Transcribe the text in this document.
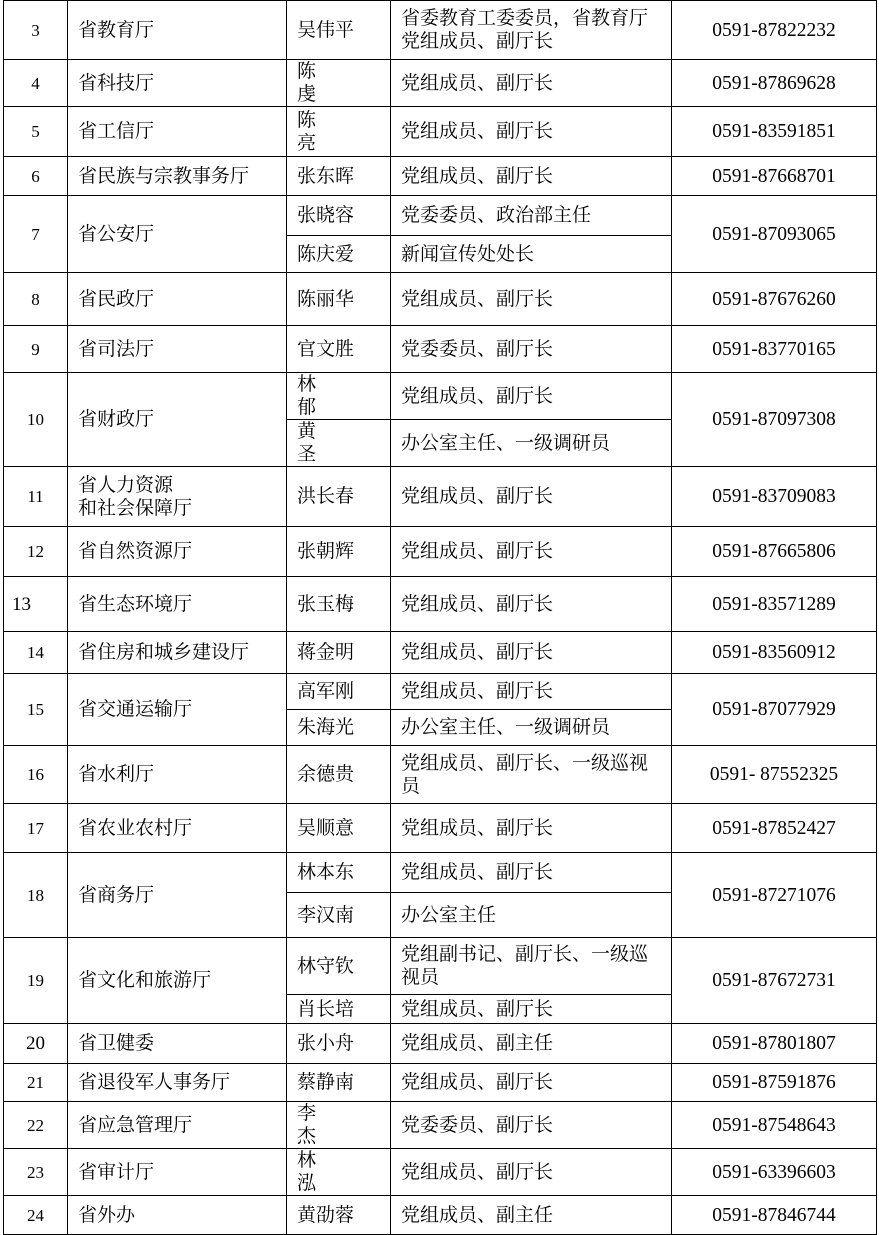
3	省教育厅	吴伟平	省委教育工委委员，省教育厅党组成员、副厅长	0591-87822232
4	省科技厅	陈 虔	党组成员、副厅长	0591-87869628
5	省工信厅	陈 亮	党组成员、副厅长	0591-83591851
6	省民族与宗教事务厅	张东晖	党组成员、副厅长	0591-87668701
7	省公安厅	张晓容	党委委员、政治部主任	0591-87093065
		陈庆爱	新闻宣传处处长	
8	省民政厅	陈丽华	党组成员、副厅长	0591-87676260
9	省司法厅	官文胜	党委委员、副厅长	0591-83770165
10	省财政厅	林 郁	党组成员、副厅长	0591-87097308
		黄 圣	办公室主任、一级调研员	
11	省人力资源
和社会保障厅	洪长春	党组成员、副厅长	0591-83709083
12	省自然资源厅	张朝辉	党组成员、副厅长	0591-87665806
13	省生态环境厅	张玉梅	党组成员、副厅长	0591-83571289
14	省住房和城乡建设厅	蒋金明	党组成员、副厅长	0591-83560912
15	省交通运输厅	高军刚	党组成员、副厅长	0591-87077929
		朱海光	办公室主任、一级调研员	
16	省水利厅	余德贵	党组成员、副厅长、一级巡视员	0591- 87552325
17	省农业农村厅	吴顺意	党组成员、副厅长	0591-87852427
18	省商务厅	林本东	党组成员、副厅长	0591-87271076
		李汉南	办公室主任	
19	省文化和旅游厅	林守钦	党组副书记、副厅长、一级巡视员	0591-87672731
		肖长培	党组成员、副厅长	
20	省卫健委	张小舟	党组成员、副主任	0591-87801807
21	省退役军人事务厅	蔡静南	党组成员、副厅长	0591-87591876
22	省应急管理厅	李 杰	党委委员、副厅长	0591-87548643
23	省审计厅	林 泓	党组成员、副厅长	0591-63396603
24	省外办	黄劭蓉	党组成员、副主任	0591-87846744
